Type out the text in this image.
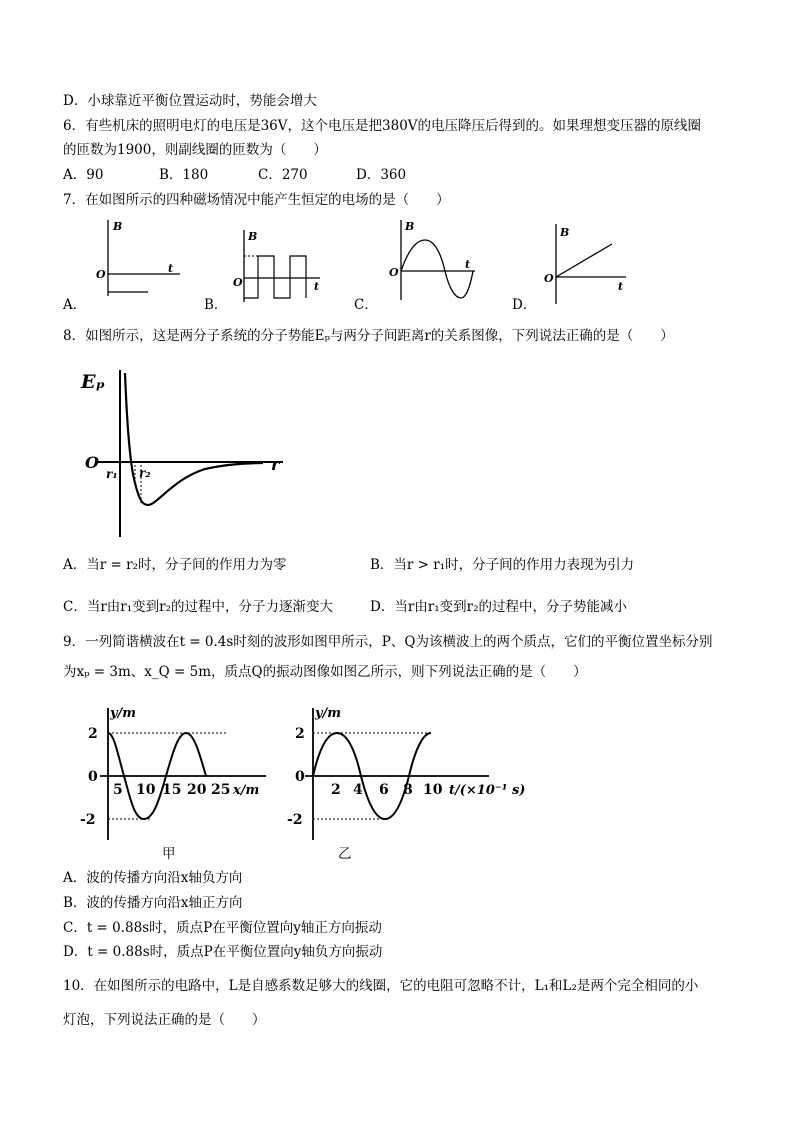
D．小球靠近平衡位置运动时，势能会增大
6．有些机床的照明电灯的电压是36V，这个电压是把380V的电压降压后得到的。如果理想变压器的原线圈
的匝数为1900，则副线圈的匝数为（　　）
A．90	B．180	C．270	D．360
7．在如图所示的四种磁场情况中能产生恒定的电场的是（　　）
B
O	t
A．
B
O	t
B．
B
O
t
C．
B
O
t
D．
8．如图所示，这是两分子系统的分子势能Eₚ与两分子间距离r的关系图像，下列说法正确的是（　　）
Eₚ
O	r
r₁ r₂
A．当r = r₂时，分子间的作用力为零	B．当r > r₁时，分子间的作用力表现为引力
C．当r由r₁变到r₂的过程中，分子力逐渐变大	D．当r由r₁变到r₂的过程中，分子势能减小
9．一列简谐横波在t = 0.4s时刻的波形如图甲所示，P、Q为该横波上的两个质点，它们的平衡位置坐标分别
为xₚ = 3m、x_Q = 5m，质点Q的振动图像如图乙所示，则下列说法正确的是（　　）
y/m
2
0
-2
5 10 15 20 25 x/m
甲
y/m
2
0
-2
2 4 6 8 10 t/(×10⁻¹ s)
乙
A．波的传播方向沿x轴负方向
B．波的传播方向沿x轴正方向
C．t = 0.88s时，质点P在平衡位置向y轴正方向振动
D．t = 0.88s时，质点P在平衡位置向y轴负方向振动
10．在如图所示的电路中，L是自感系数足够大的线圈，它的电阻可忽略不计，L₁和L₂是两个完全相同的小
灯泡，下列说法正确的是（　　）
